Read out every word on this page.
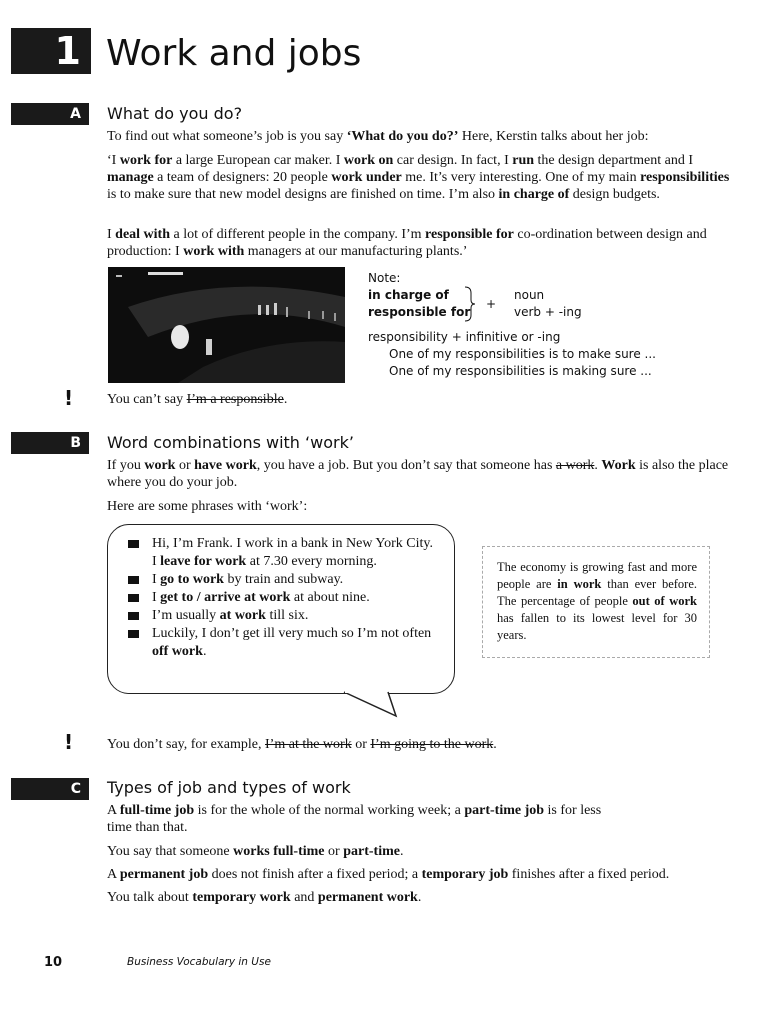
1 Work and jobs
A	What do you do?

To find out what someone’s job is you say ‘What do you do?’ Here, Kerstin talks about her job:

‘I work for a large European car maker. I work on car design. In fact, I run the design department and I manage a team of designers: 20 people work under me. It’s very interesting. One of my main responsibilities is to make sure that new model designs are finished on time. I’m also in charge of design budgets.

I deal with a lot of different people in the company. I’m responsible for co-ordination between design and production: I work with managers at our manufacturing plants.’

Note:
in charge of
responsible for
+
noun
verb + -ing
responsibility + infinitive or -ing
One of my responsibilities is to make sure ...
One of my responsibilities is making sure ...
! You can’t say I’m a responsible.

B	Word combinations with ‘work’

If you work or have work, you have a job. But you don’t say that someone has a work. Work is also the place where you do your job.

Here are some phrases with ‘work’:

Hi, I’m Frank. I work in a bank in New York City. I leave for work at 7.30 every morning.
I go to work by train and subway.
I get to / arrive at work at about nine.
I’m usually at work till six.
Luckily, I don’t get ill very much so I’m not often off work.

The economy is growing fast and more people are in work than ever before. The percentage of people out of work has fallen to its lowest level for 30 years.

! You don’t say, for example, I’m at the work or I’m going to the work.

C	Types of job and types of work

A full-time job is for the whole of the normal working week; a part-time job is for less time than that.

You say that someone works full-time or part-time.

A permanent job does not finish after a fixed period; a temporary job finishes after a fixed period.

You talk about temporary work and permanent work.

10	Business Vocabulary in Use
